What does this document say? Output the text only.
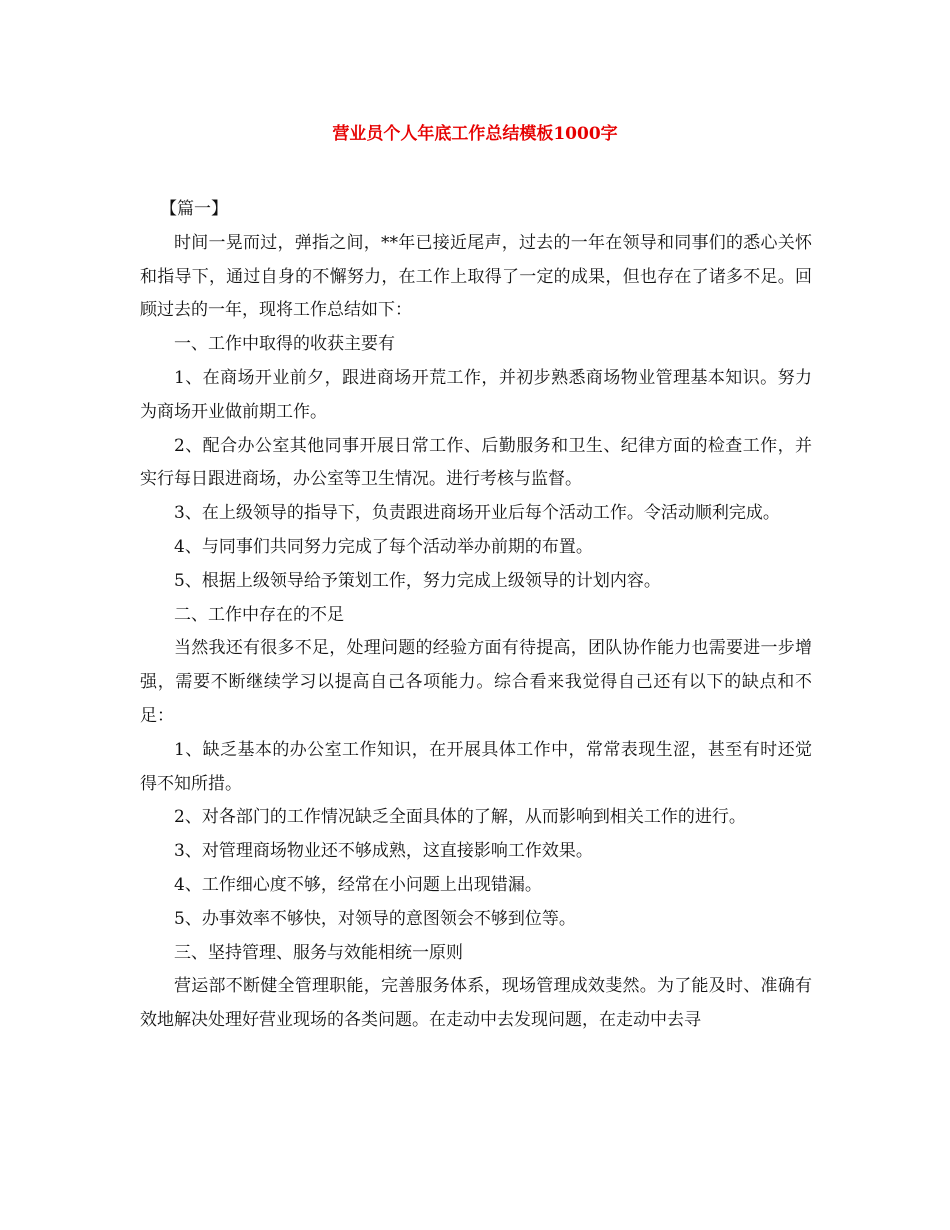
营业员个人年底工作总结模板1000字

【篇一】

时间一晃而过，弹指之间，**年已接近尾声，过去的一年在领导和同事们的悉心关怀和指导下，通过自身的不懈努力，在工作上取得了一定的成果，但也存在了诸多不足。回顾过去的一年，现将工作总结如下：

一、工作中取得的收获主要有

1、在商场开业前夕，跟进商场开荒工作，并初步熟悉商场物业管理基本知识。努力为商场开业做前期工作。

2、配合办公室其他同事开展日常工作、后勤服务和卫生、纪律方面的检查工作，并实行每日跟进商场，办公室等卫生情况。进行考核与监督。

3、在上级领导的指导下，负责跟进商场开业后每个活动工作。令活动顺利完成。

4、与同事们共同努力完成了每个活动举办前期的布置。

5、根据上级领导给予策划工作，努力完成上级领导的计划内容。

二、工作中存在的不足

当然我还有很多不足，处理问题的经验方面有待提高，团队协作能力也需要进一步增强，需要不断继续学习以提高自己各项能力。综合看来我觉得自己还有以下的缺点和不足：

1、缺乏基本的办公室工作知识，在开展具体工作中，常常表现生涩，甚至有时还觉得不知所措。

2、对各部门的工作情况缺乏全面具体的了解，从而影响到相关工作的进行。

3、对管理商场物业还不够成熟，这直接影响工作效果。

4、工作细心度不够，经常在小问题上出现错漏。

5、办事效率不够快，对领导的意图领会不够到位等。

三、坚持管理、服务与效能相统一原则

营运部不断健全管理职能，完善服务体系，现场管理成效斐然。为了能及时、准确有效地解决处理好营业现场的各类问题。在走动中去发现问题，在走动中去寻
